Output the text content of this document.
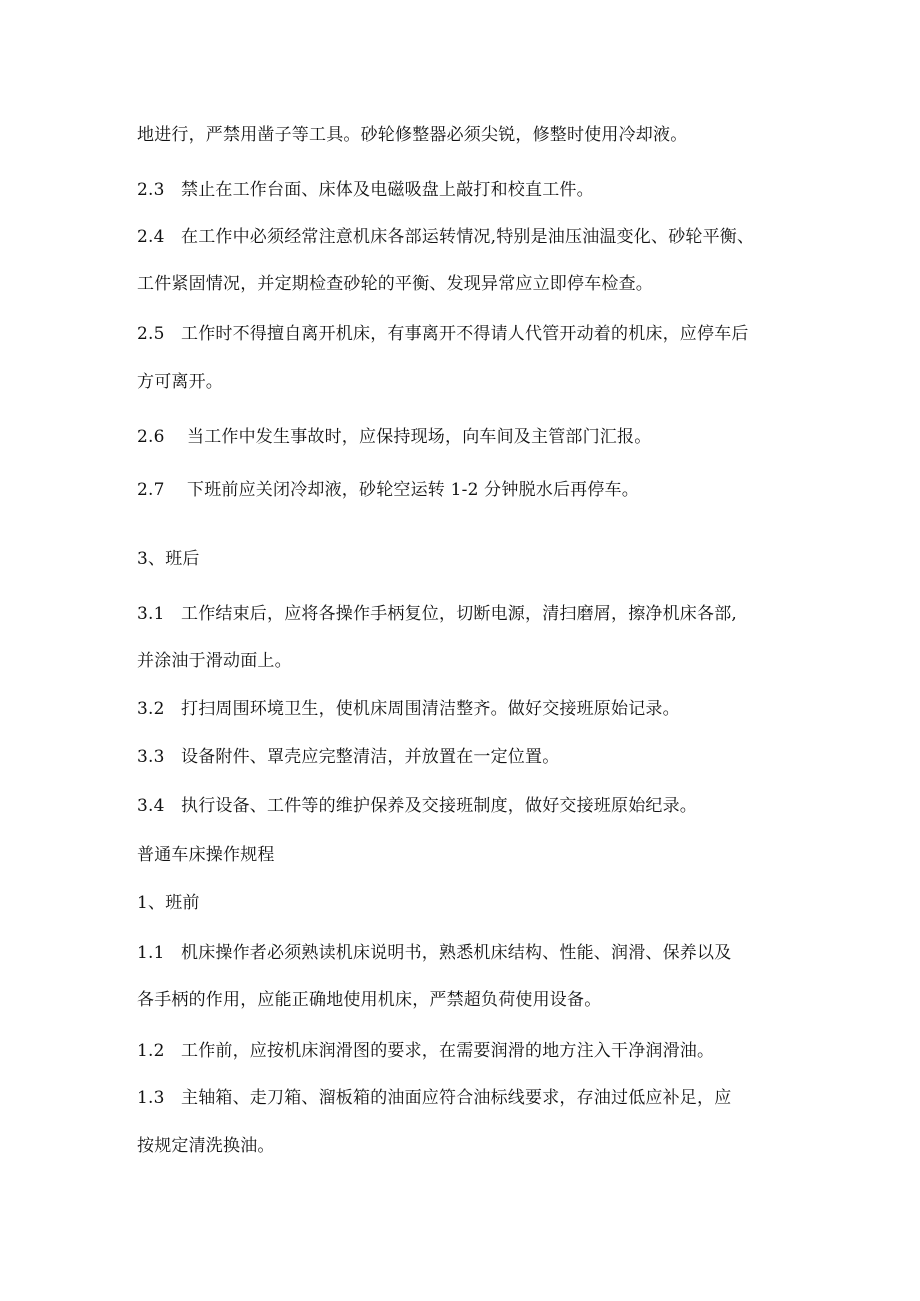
地进行，严禁用凿子等工具。砂轮修整器必须尖锐，修整时使用冷却液。
2.3 禁止在工作台面、床体及电磁吸盘上敲打和校直工件。
2.4 在工作中必须经常注意机床各部运转情况,特别是油压油温变化、砂轮平衡、
工件紧固情况，并定期检查砂轮的平衡、发现异常应立即停车检查。
2.5 工作时不得擅自离开机床，有事离开不得请人代管开动着的机床，应停车后
方可离开。
2.6 当工作中发生事故时，应保持现场，向车间及主管部门汇报。
2.7 下班前应关闭冷却液，砂轮空运转 1-2 分钟脱水后再停车。
3、班后
3.1 工作结束后，应将各操作手柄复位，切断电源，清扫磨屑，擦净机床各部,
并涂油于滑动面上。
3.2 打扫周围环境卫生，使机床周围清洁整齐。做好交接班原始记录。
3.3 设备附件、罩壳应完整清洁，并放置在一定位置。
3.4 执行设备、工件等的维护保养及交接班制度，做好交接班原始纪录。
普通车床操作规程
1、班前
1.1 机床操作者必须熟读机床说明书，熟悉机床结构、性能、润滑、保养以及
各手柄的作用，应能正确地使用机床，严禁超负荷使用设备。
1.2 工作前，应按机床润滑图的要求，在需要润滑的地方注入干净润滑油。
1.3 主轴箱、走刀箱、溜板箱的油面应符合油标线要求，存油过低应补足，应
按规定清洗换油。
